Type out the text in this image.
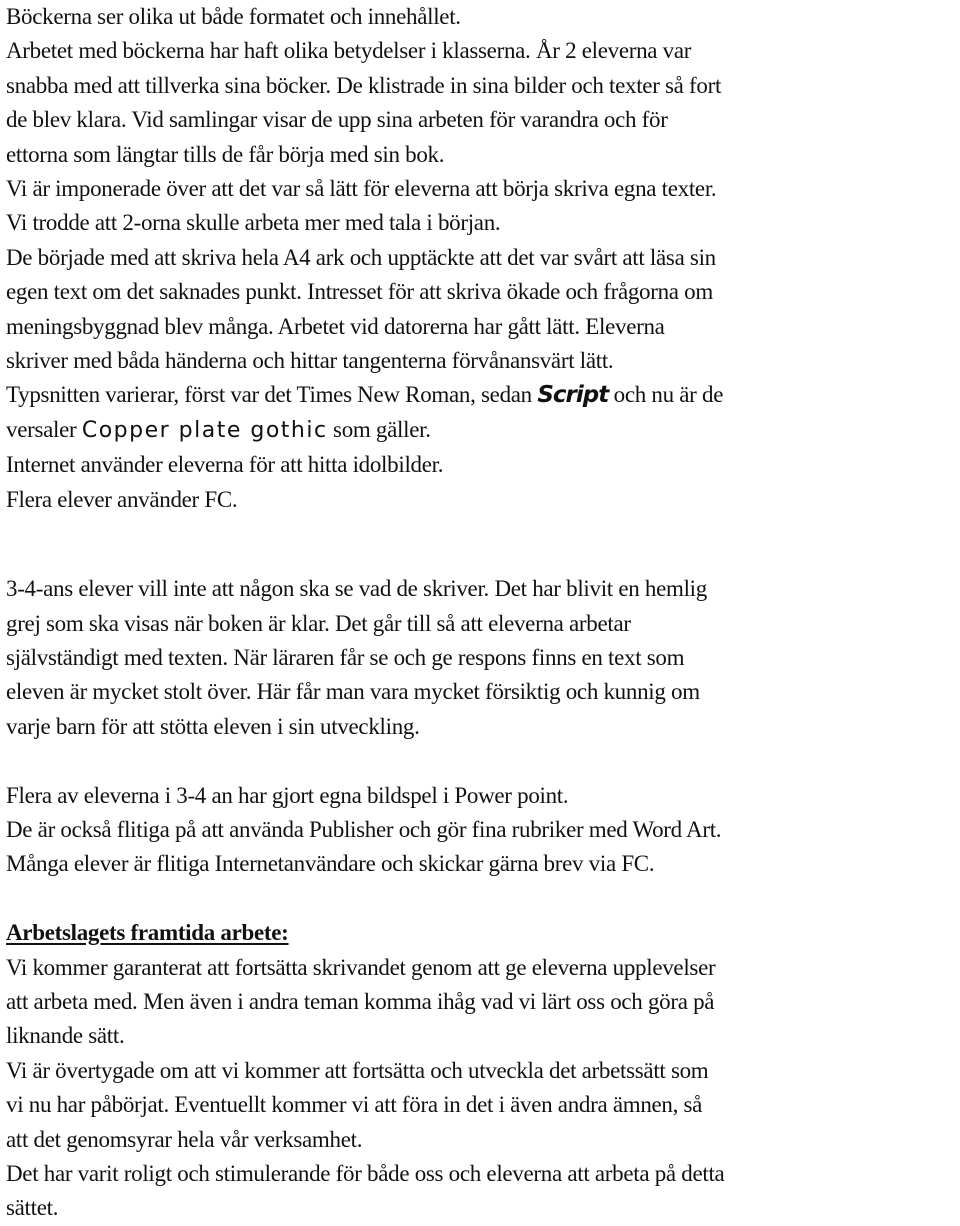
Böckerna ser olika ut både formatet och innehållet.
Arbetet med böckerna har haft olika betydelser i klasserna. År 2 eleverna var
snabba med att tillverka sina böcker. De klistrade in sina bilder och texter så fort
de blev klara. Vid samlingar visar de upp sina arbeten för varandra och för
ettorna som längtar tills de får börja med sin bok.
Vi är imponerade över att det var så lätt för eleverna att börja skriva egna texter.
Vi trodde att 2-orna skulle arbeta mer med tala i början.
De började med att skriva hela A4 ark och upptäckte att det var svårt att läsa sin
egen text om det saknades punkt. Intresset för att skriva ökade och frågorna om
meningsbyggnad blev många. Arbetet vid datorerna har gått lätt. Eleverna
skriver med båda händerna och hittar tangenterna förvånansvärt lätt.
Typsnitten varierar, först var det Times New Roman, sedan Script och nu är de
versaler Copper plate gothic som gäller.
Internet använder eleverna för att hitta idolbilder.
Flera elever använder FC.
3-4-ans elever vill inte att någon ska se vad de skriver. Det har blivit en hemlig
grej som ska visas när boken är klar. Det går till så att eleverna arbetar
självständigt med texten. När läraren får se och ge respons finns en text som
eleven är mycket stolt över. Här får man vara mycket försiktig och kunnig om
varje barn för att stötta eleven i sin utveckling.
Flera av eleverna i 3-4 an har gjort egna bildspel i Power point.
De är också flitiga på att använda Publisher och gör fina rubriker med Word Art.
Många elever är flitiga Internetanvändare och skickar gärna brev via FC.
Arbetslagets framtida arbete:
Vi kommer garanterat att fortsätta skrivandet genom att ge eleverna upplevelser
att arbeta med. Men även i andra teman komma ihåg vad vi lärt oss och göra på
liknande sätt.
Vi är övertygade om att vi kommer att fortsätta och utveckla det arbetssätt som
vi nu har påbörjat. Eventuellt kommer vi att föra in det i även andra ämnen, så
att det genomsyrar hela vår verksamhet.
Det har varit roligt och stimulerande för både oss och eleverna att arbeta på detta
sättet.
